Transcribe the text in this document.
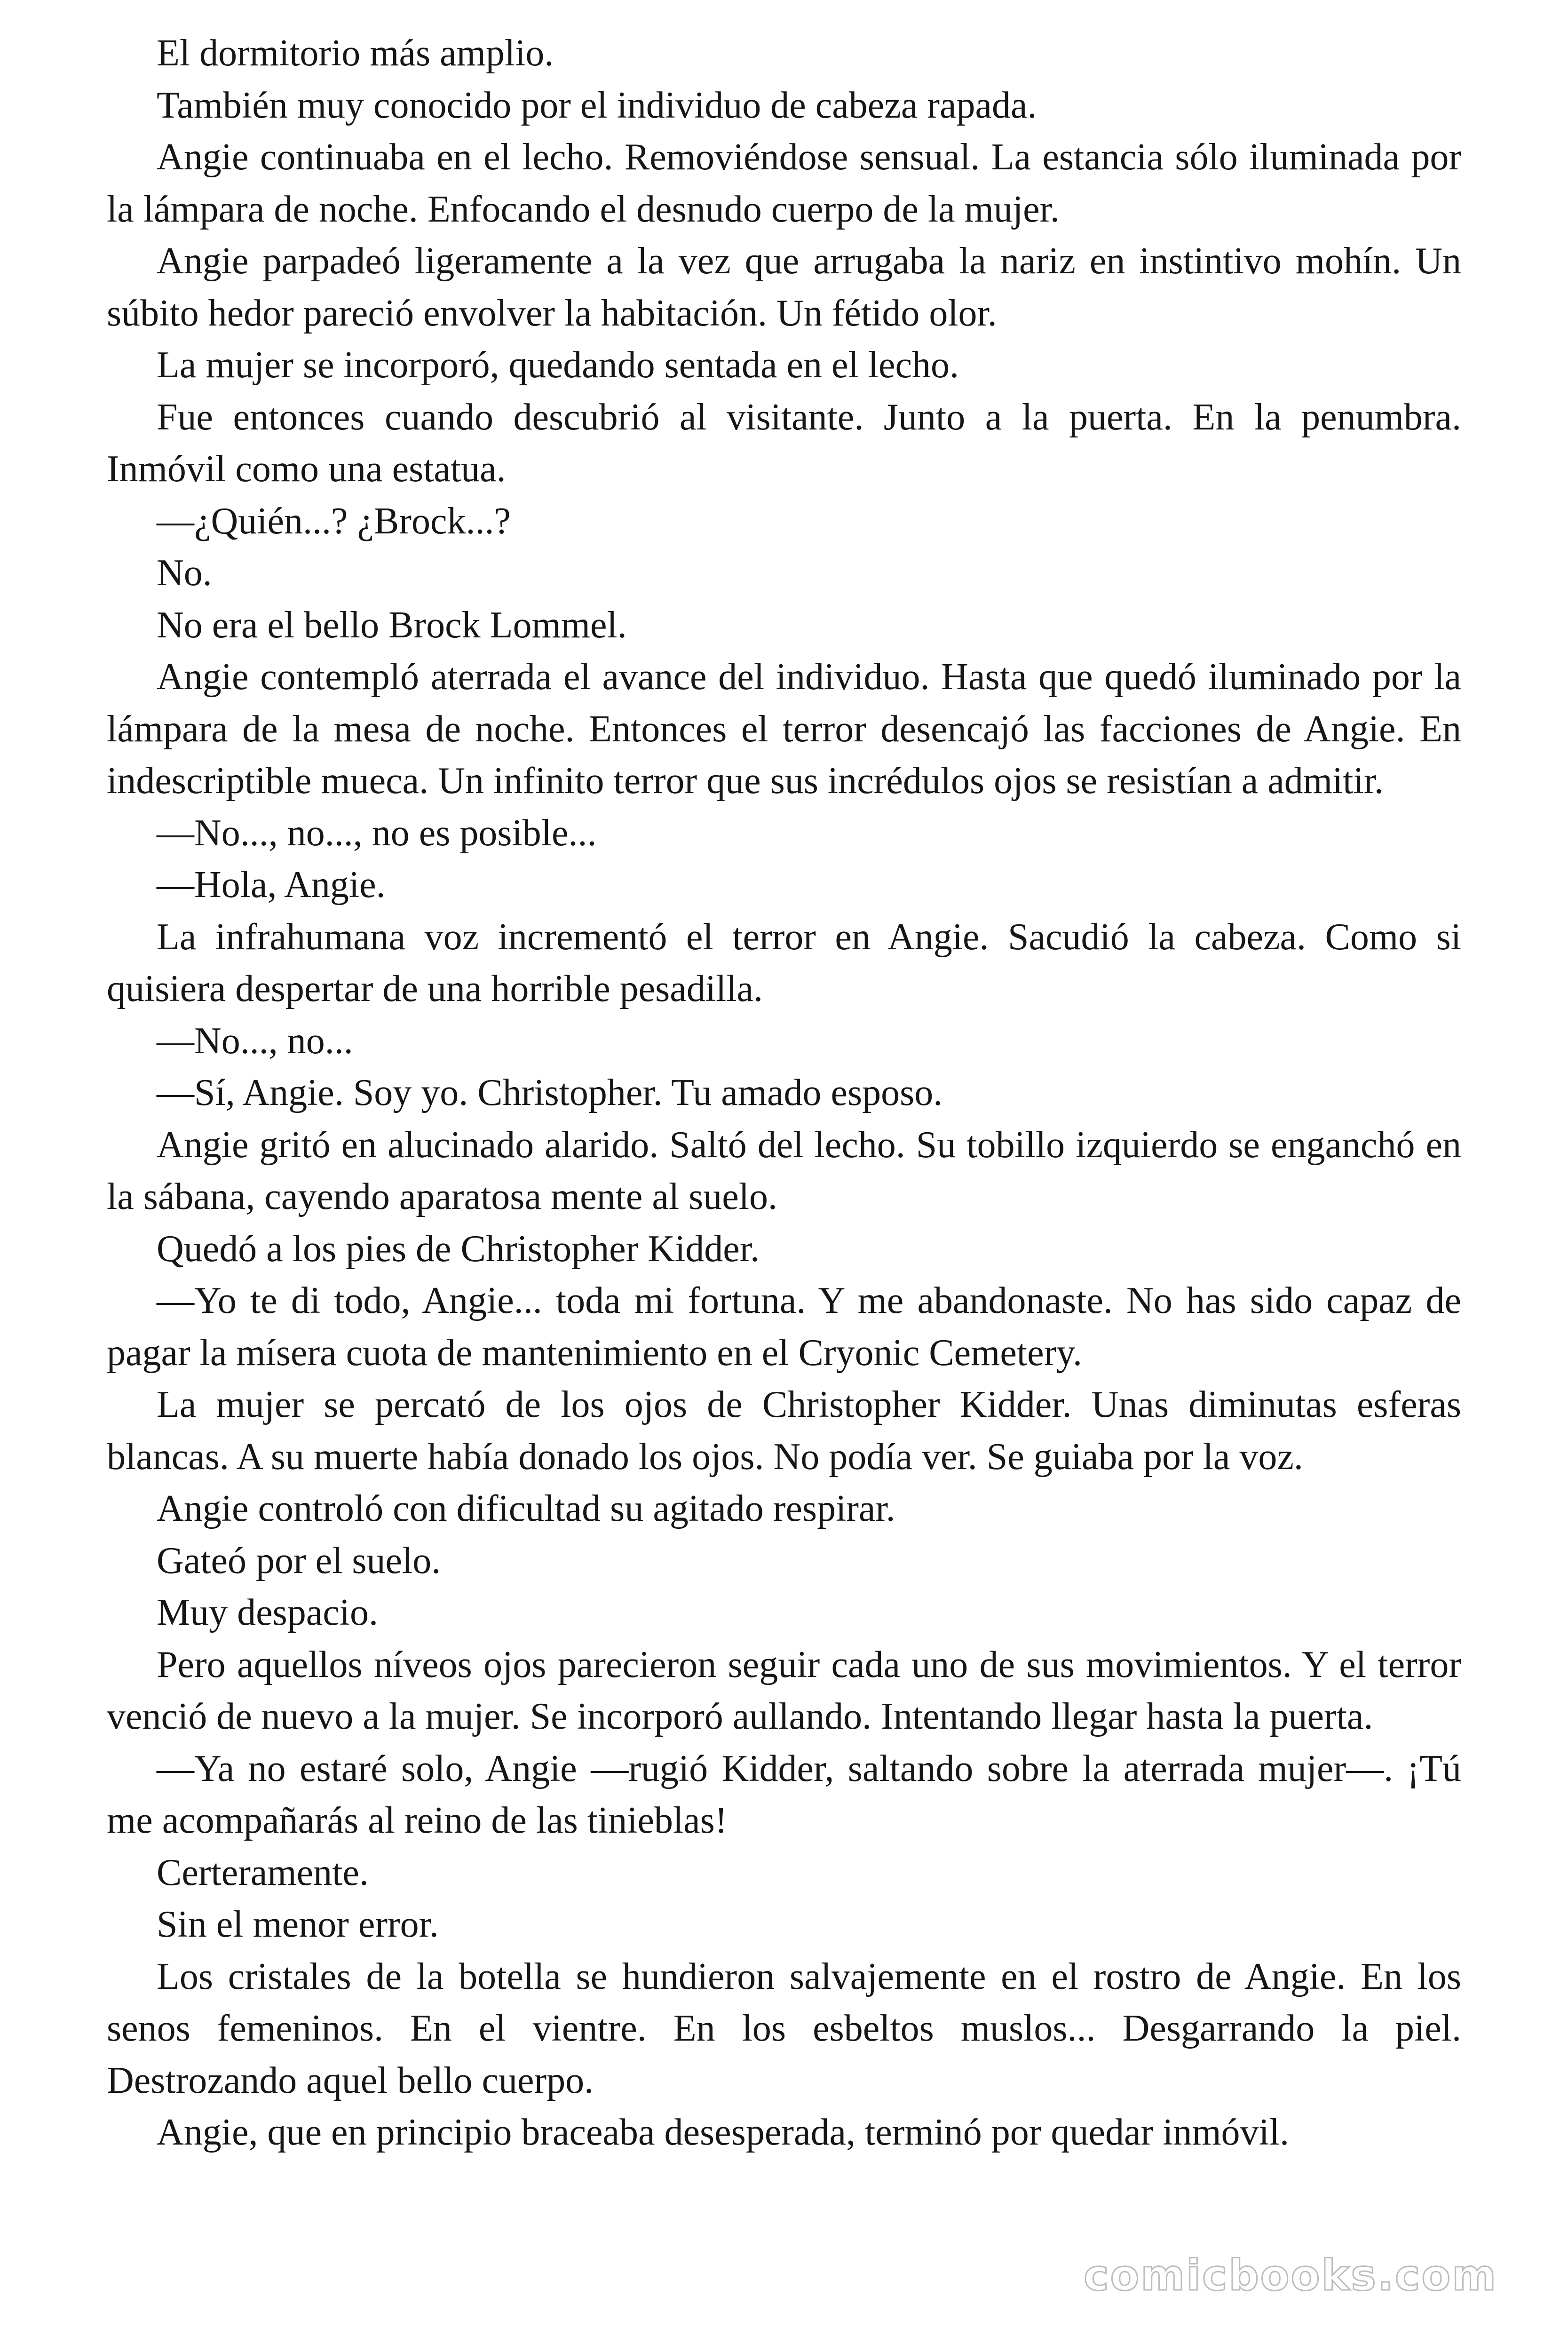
El dormitorio más amplio.

También muy conocido por el individuo de cabeza rapada.

Angie continuaba en el lecho. Removiéndose sensual. La estancia sólo iluminada por la lámpara de noche. Enfocando el desnudo cuerpo de la mujer.

Angie parpadeó ligeramente a la vez que arrugaba la nariz en instintivo mohín. Un súbito hedor pareció envolver la habitación. Un fétido olor.

La mujer se incorporó, quedando sentada en el lecho.

Fue entonces cuando descubrió al visitante. Junto a la puerta. En la penumbra. Inmóvil como una estatua.

—¿Quién...? ¿Brock...?

No.

No era el bello Brock Lommel.

Angie contempló aterrada el avance del individuo. Hasta que quedó iluminado por la lámpara de la mesa de noche. Entonces el terror desencajó las facciones de Angie. En indescriptible mueca. Un infinito terror que sus incrédulos ojos se resistían a admitir.

—No..., no..., no es posible...

—Hola, Angie.

La infrahumana voz incrementó el terror en Angie. Sacudió la cabeza. Como si quisiera despertar de una horrible pesadilla.

—No..., no...

—Sí, Angie. Soy yo. Christopher. Tu amado esposo.

Angie gritó en alucinado alarido. Saltó del lecho. Su tobillo izquierdo se enganchó en la sábana, cayendo aparatosa mente al suelo.

Quedó a los pies de Christopher Kidder.

—Yo te di todo, Angie... toda mi fortuna. Y me abandonaste. No has sido capaz de pagar la mísera cuota de mantenimiento en el Cryonic Cemetery.

La mujer se percató de los ojos de Christopher Kidder. Unas diminutas esferas blancas. A su muerte había donado los ojos. No podía ver. Se guiaba por la voz.

Angie controló con dificultad su agitado respirar.

Gateó por el suelo.

Muy despacio.

Pero aquellos níveos ojos parecieron seguir cada uno de sus movimientos. Y el terror venció de nuevo a la mujer. Se incorporó aullando. Intentando llegar hasta la puerta.

—Ya no estaré solo, Angie —rugió Kidder, saltando sobre la aterrada mujer—. ¡Tú me acompañarás al reino de las tinieblas!

Certeramente.

Sin el menor error.

Los cristales de la botella se hundieron salvajemente en el rostro de Angie. En los senos femeninos. En el vientre. En los esbeltos muslos... Desgarrando la piel. Destrozando aquel bello cuerpo.

Angie, que en principio braceaba desesperada, terminó por quedar inmóvil.

comicbooks.com
